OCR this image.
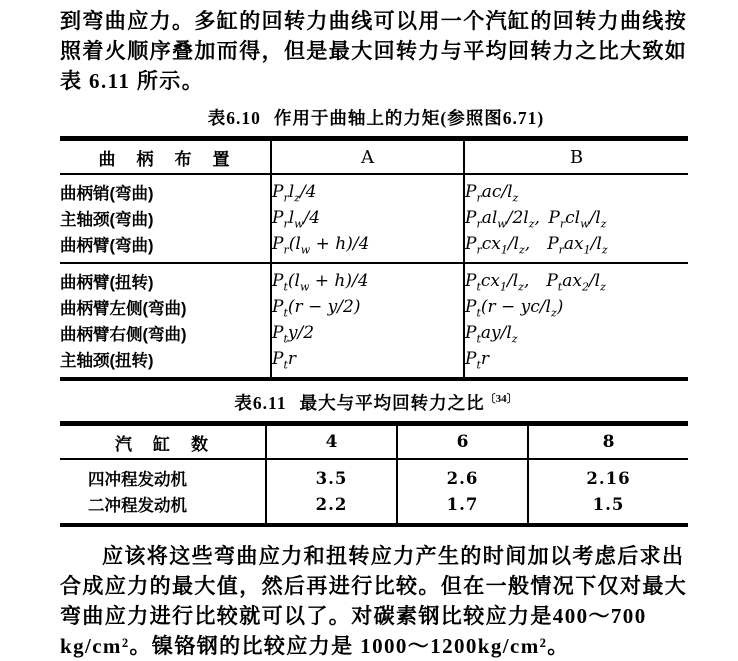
到弯曲应力。多缸的回转力曲线可以用一个汽缸的回转力曲线按
照着火顺序叠加而得，但是最大回转力与平均回转力之比大致如
表 6.11 所示。

表6.10 作用于曲轴上的力矩(参照图6.71)
曲　柄　布　置	A	B
曲柄销(弯曲)	$P_rl_z/4$	$P_rac/l_z$
主轴颈(弯曲)	$P_rl_w/4$	$P_ral_w/2l_z$, $P_rcl_w/l_z$
曲柄臂(弯曲)	$P_r(l_w + h)/4$	$P_rcx_1/l_z$,  $P_rax_1/l_z$
曲柄臂(扭转)	$P_t(l_w + h)/4$	$P_tcx_1/l_z$,  $P_tax_2/l_z$
曲柄臂左侧(弯曲)	$P_t(r - y/2)$	$P_t(r - yc/l_z)$
曲柄臂右侧(弯曲)	$P_ty/2$	$P_tay/l_z$
主轴颈(扭转)	$P_tr$	$P_tr$
表6.11 最大与平均回转力之比$^{〔34〕}$
汽　缸　数	4	6	8
四冲程发动机	3.5	2.6	2.16
二冲程发动机	2.2	1.7	1.5

应该将这些弯曲应力和扭转应力产生的时间加以考虑后求出
合成应力的最大值，然后再进行比较。但在一般情况下仅对最大
弯曲应力进行比较就可以了。对碳素钢比较应力是400～700
kg/cm²。镍铬钢的比较应力是 1000～1200kg/cm²。
